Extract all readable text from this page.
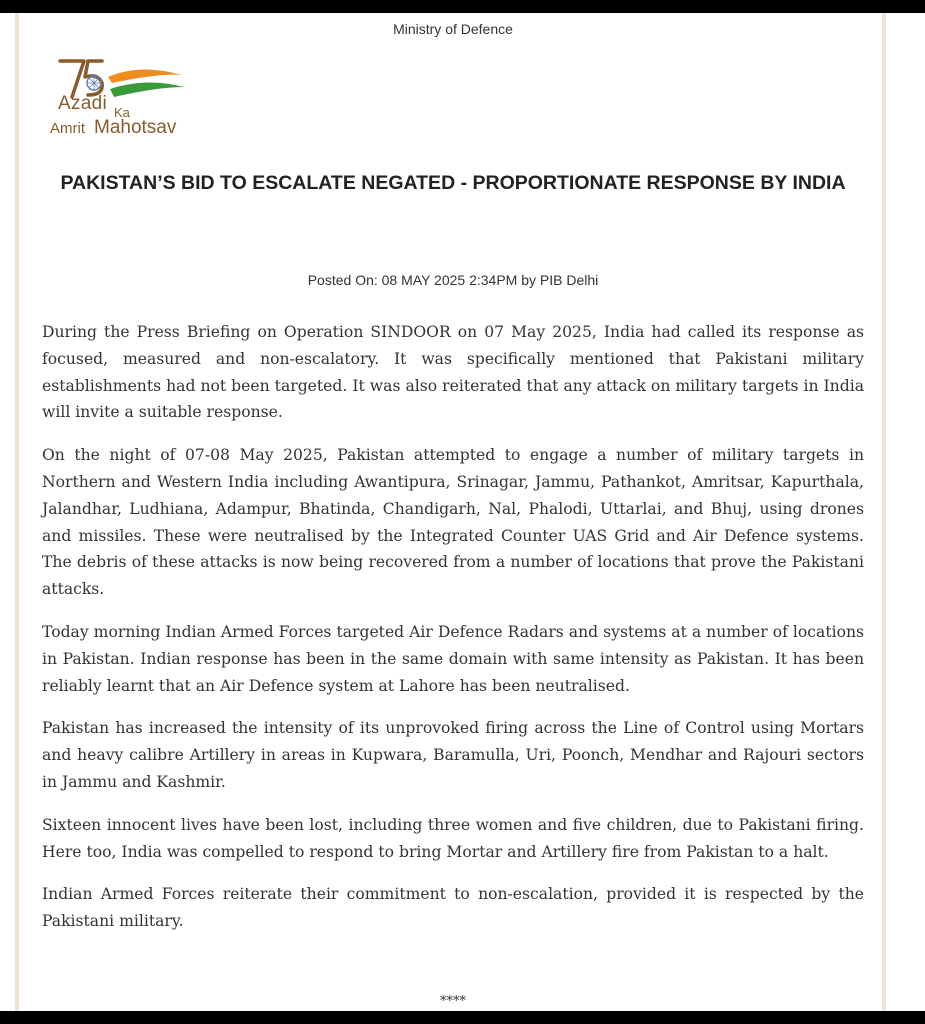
Ministry of Defence
Azadi Ka
Amrit Mahotsav
PAKISTAN’S BID TO ESCALATE NEGATED - PROPORTIONATE RESPONSE BY INDIA
Posted On: 08 MAY 2025 2:34PM by PIB Delhi

During the Press Briefing on Operation SINDOOR on 07 May 2025, India had called its response as focused, measured and non-escalatory. It was specifically mentioned that Pakistani military establishments had not been targeted. It was also reiterated that any attack on military targets in India will invite a suitable response.

On the night of 07-08 May 2025, Pakistan attempted to engage a number of military targets in Northern and Western India including Awantipura, Srinagar, Jammu, Pathankot, Amritsar, Kapurthala, Jalandhar, Ludhiana, Adampur, Bhatinda, Chandigarh, Nal, Phalodi, Uttarlai, and Bhuj, using drones and missiles. These were neutralised by the Integrated Counter UAS Grid and Air Defence systems. The debris of these attacks is now being recovered from a number of locations that prove the Pakistani attacks.

Today morning Indian Armed Forces targeted Air Defence Radars and systems at a number of locations in Pakistan. Indian response has been in the same domain with same intensity as Pakistan. It has been reliably learnt that an Air Defence system at Lahore has been neutralised.

Pakistan has increased the intensity of its unprovoked firing across the Line of Control using Mortars and heavy calibre Artillery in areas in Kupwara, Baramulla, Uri, Poonch, Mendhar and Rajouri sectors in Jammu and Kashmir.

Sixteen innocent lives have been lost, including three women and five children, due to Pakistani firing. Here too, India was compelled to respond to bring Mortar and Artillery fire from Pakistan to a halt.

Indian Armed Forces reiterate their commitment to non-escalation, provided it is respected by the Pakistani military.

****
